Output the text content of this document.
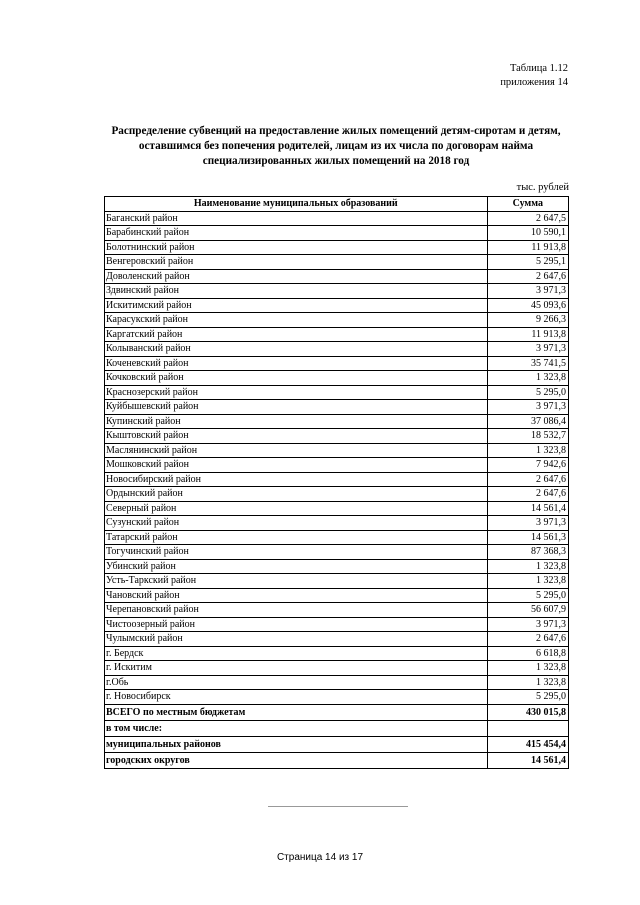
Таблица 1.12
приложения 14
Распределение субвенций на предоставление жилых помещений детям-сиротам и детям, оставшимся без попечения родителей, лицам из их числа по договорам найма специализированных жилых помещений на 2018 год
тыс. рублей
Наименование муниципальных образований	Сумма
Баганский район	2 647,5
Барабинский район	10 590,1
Болотнинский район	11 913,8
Венгеровский район	5 295,1
Доволенский район	2 647,6
Здвинский район	3 971,3
Искитимский район	45 093,6
Карасукский район	9 266,3
Каргатский район	11 913,8
Колыванский район	3 971,3
Коченевский район	35 741,5
Кочковский район	1 323,8
Краснозерский район	5 295,0
Куйбышевский район	3 971,3
Купинский район	37 086,4
Кыштовский район	18 532,7
Маслянинский район	1 323,8
Мошковский район	7 942,6
Новосибирский район	2 647,6
Ордынский район	2 647,6
Северный район	14 561,4
Сузунский район	3 971,3
Татарский район	14 561,3
Тогучинский район	87 368,3
Убинский район	1 323,8
Усть-Таркский район	1 323,8
Чановский район	5 295,0
Черепановский район	56 607,9
Чистоозерный район	3 971,3
Чулымский район	2 647,6
г. Бердск	6 618,8
г. Искитим	1 323,8
г.Обь	1 323,8
г. Новосибирск	5 295,0
ВСЕГО по местным бюджетам	430 015,8
в том числе:	
муниципальных районов	415 454,4
городских округов	14 561,4
Страница 14 из 17
